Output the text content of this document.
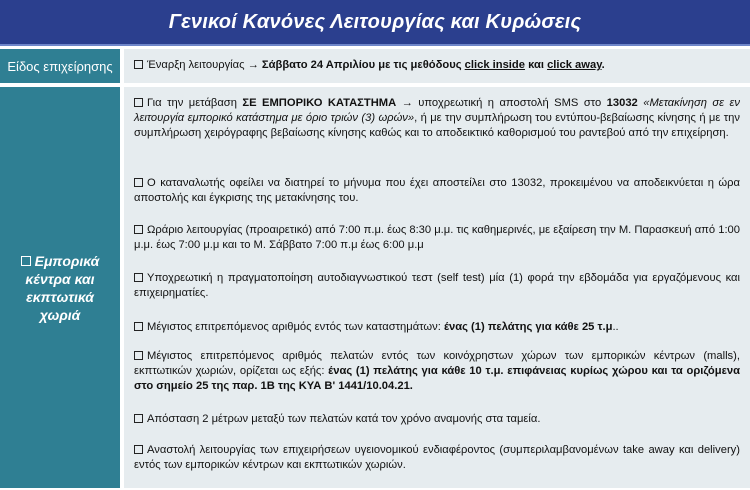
Γενικοί Κανόνες Λειτουργίας και Κυρώσεις
Είδος επιχείρησης	Έναρξη λειτουργίας → Σάββατο 24 Απριλίου με τις μεθόδους click inside και click away.
Εμπορικά
κέντρα και
εκπτωτικά
χωριά
Για την μετάβαση ΣΕ ΕΜΠΟΡΙΚΟ ΚΑΤΑΣΤΗΜΑ → υποχρεωτική η αποστολή SMS στο 13032 «Μετακίνηση σε εν λειτουργία εμπορικό κατάστημα με όριο τριών (3) ωρών», ή με την συμπλήρωση του εντύπου-βεβαίωσης κίνησης ή με την συμπλήρωση χειρόγραφης βεβαίωσης κίνησης καθώς και το αποδεικτικό καθορισμού του ραντεβού από την επιχείρηση.
Ο καταναλωτής οφείλει να διατηρεί το μήνυμα που έχει αποστείλει στο 13032, προκειμένου να αποδεικνύεται η ώρα αποστολής και έγκρισης της μετακίνησης του.
Ωράριο λειτουργίας (προαιρετικό) από 7:00 π.μ. έως 8:30 μ.μ. τις καθημερινές, με εξαίρεση την Μ. Παρασκευή από 1:00 μ.μ. έως 7:00 μ.μ και το Μ. Σάββατο 7:00 π.μ έως 6:00 μ.μ
Υποχρεωτική η πραγματοποίηση αυτοδιαγνωστικού τεστ (self test) μία (1) φορά την εβδομάδα για εργαζόμενους και επιχειρηματίες.
Μέγιστος επιτρεπόμενος αριθμός εντός των καταστημάτων: ένας (1) πελάτης για κάθε 25 τ.μ..
Μέγιστος επιτρεπόμενος αριθμός πελατών εντός των κοινόχρηστων χώρων των εμπορικών κέντρων (malls), εκπτωτικών χωριών, ορίζεται ως εξής: ένας (1) πελάτης για κάθε 10 τ.μ. επιφάνειας κυρίως χώρου και τα οριζόμενα στο σημείο 25 της παρ. 1Β της ΚΥΑ Β' 1441/10.04.21.
Απόσταση 2 μέτρων μεταξύ των πελατών κατά τον χρόνο αναμονής στα ταμεία.
Αναστολή λειτουργίας των επιχειρήσεων υγειονομικού ενδιαφέροντος (συμπεριλαμβανομένων take away και delivery) εντός των εμπορικών κέντρων και εκπτωτικών χωριών.
